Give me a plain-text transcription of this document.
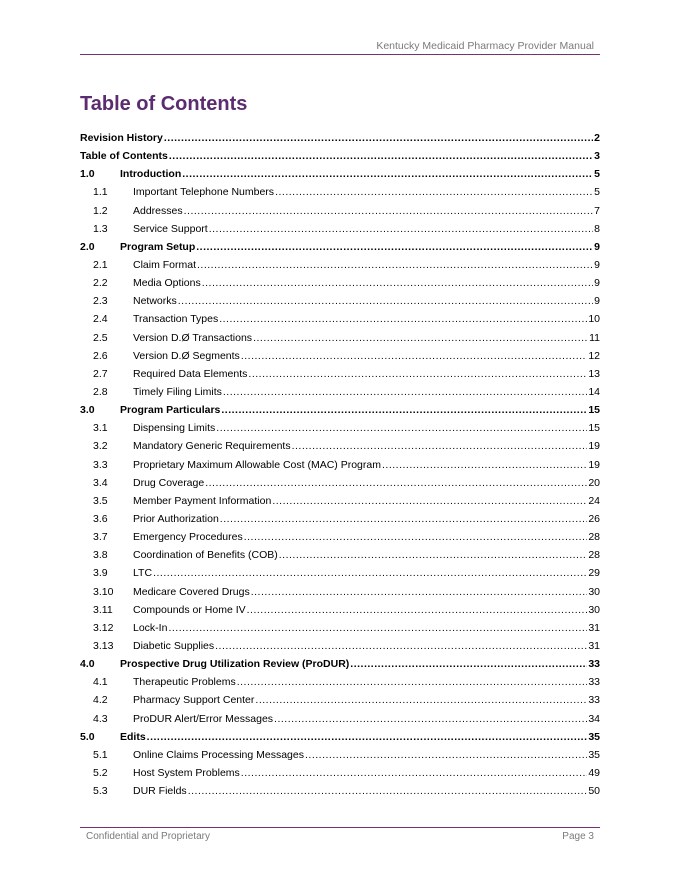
Kentucky Medicaid Pharmacy Provider Manual
Table of Contents
Revision History .....	2
Table of Contents .....	3
1.0	Introduction .....	5
1.1	Important Telephone Numbers .....	5
1.2	Addresses .....	7
1.3	Service Support .....	8
2.0	Program Setup .....	9
2.1	Claim Format .....	9
2.2	Media Options .....	9
2.3	Networks .....	9
2.4	Transaction Types .....	10
2.5	Version D.Ø Transactions .....	11
2.6	Version D.Ø Segments .....	12
2.7	Required Data Elements .....	13
2.8	Timely Filing Limits .....	14
3.0	Program Particulars .....	15
3.1	Dispensing Limits .....	15
3.2	Mandatory Generic Requirements .....	19
3.3	Proprietary Maximum Allowable Cost (MAC) Program .....	19
3.4	Drug Coverage .....	20
3.5	Member Payment Information .....	24
3.6	Prior Authorization .....	26
3.7	Emergency Procedures .....	28
3.8	Coordination of Benefits (COB) .....	28
3.9	LTC .....	29
3.10	Medicare Covered Drugs .....	30
3.11	Compounds or Home IV .....	30
3.12	Lock-In .....	31
3.13	Diabetic Supplies .....	31
4.0	Prospective Drug Utilization Review (ProDUR) .....	33
4.1	Therapeutic Problems .....	33
4.2	Pharmacy Support Center .....	33
4.3	ProDUR Alert/Error Messages .....	34
5.0	Edits .....	35
5.1	Online Claims Processing Messages .....	35
5.2	Host System Problems .....	49
5.3	DUR Fields .....	50
Confidential and Proprietary	Page 3
